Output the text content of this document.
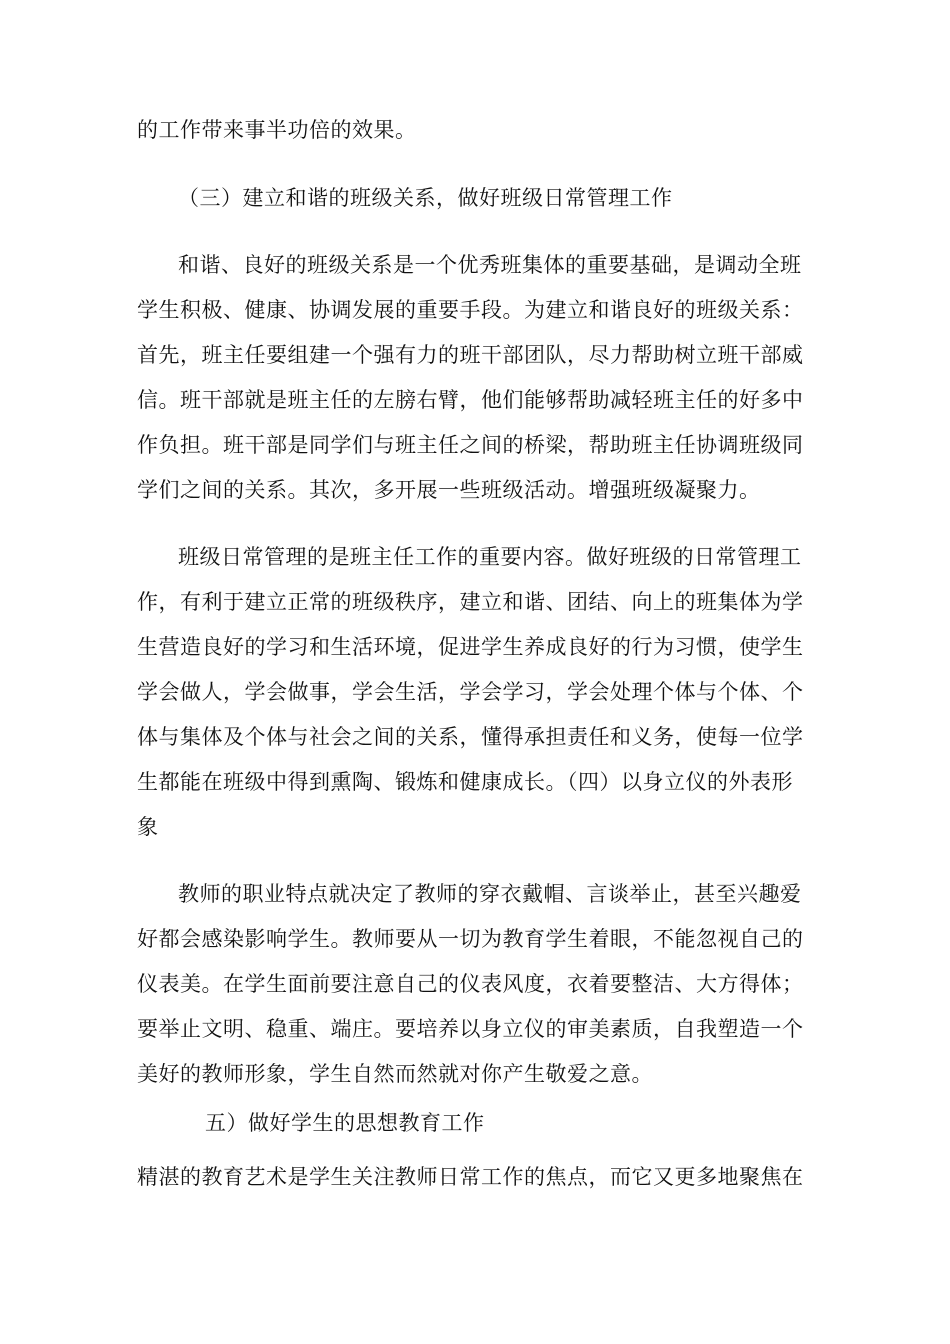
的工作带来事半功倍的效果。
（三）建立和谐的班级关系，做好班级日常管理工作
和谐、良好的班级关系是一个优秀班集体的重要基础，是调动全班
学生积极、健康、协调发展的重要手段。为建立和谐良好的班级关系：
首先，班主任要组建一个强有力的班干部团队，尽力帮助树立班干部威
信。班干部就是班主任的左膀右臂，他们能够帮助减轻班主任的好多中
作负担。班干部是同学们与班主任之间的桥梁，帮助班主任协调班级同
学们之间的关系。其次，多开展一些班级活动。增强班级凝聚力。
班级日常管理的是班主任工作的重要内容。做好班级的日常管理工
作，有利于建立正常的班级秩序，建立和谐、团结、向上的班集体为学
生营造良好的学习和生活环境，促进学生养成良好的行为习惯，使学生
学会做人，学会做事，学会生活，学会学习，学会处理个体与个体、个
体与集体及个体与社会之间的关系，懂得承担责任和义务，使每一位学
生都能在班级中得到熏陶、锻炼和健康成长。（四）以身立仪的外表形
象
教师的职业特点就决定了教师的穿衣戴帽、言谈举止，甚至兴趣爱
好都会感染影响学生。教师要从一切为教育学生着眼，不能忽视自己的
仪表美。在学生面前要注意自己的仪表风度，衣着要整洁、大方得体；
要举止文明、稳重、端庄。要培养以身立仪的审美素质，自我塑造一个
美好的教师形象，学生自然而然就对你产生敬爱之意。
五）做好学生的思想教育工作
精湛的教育艺术是学生关注教师日常工作的焦点，而它又更多地聚焦在
